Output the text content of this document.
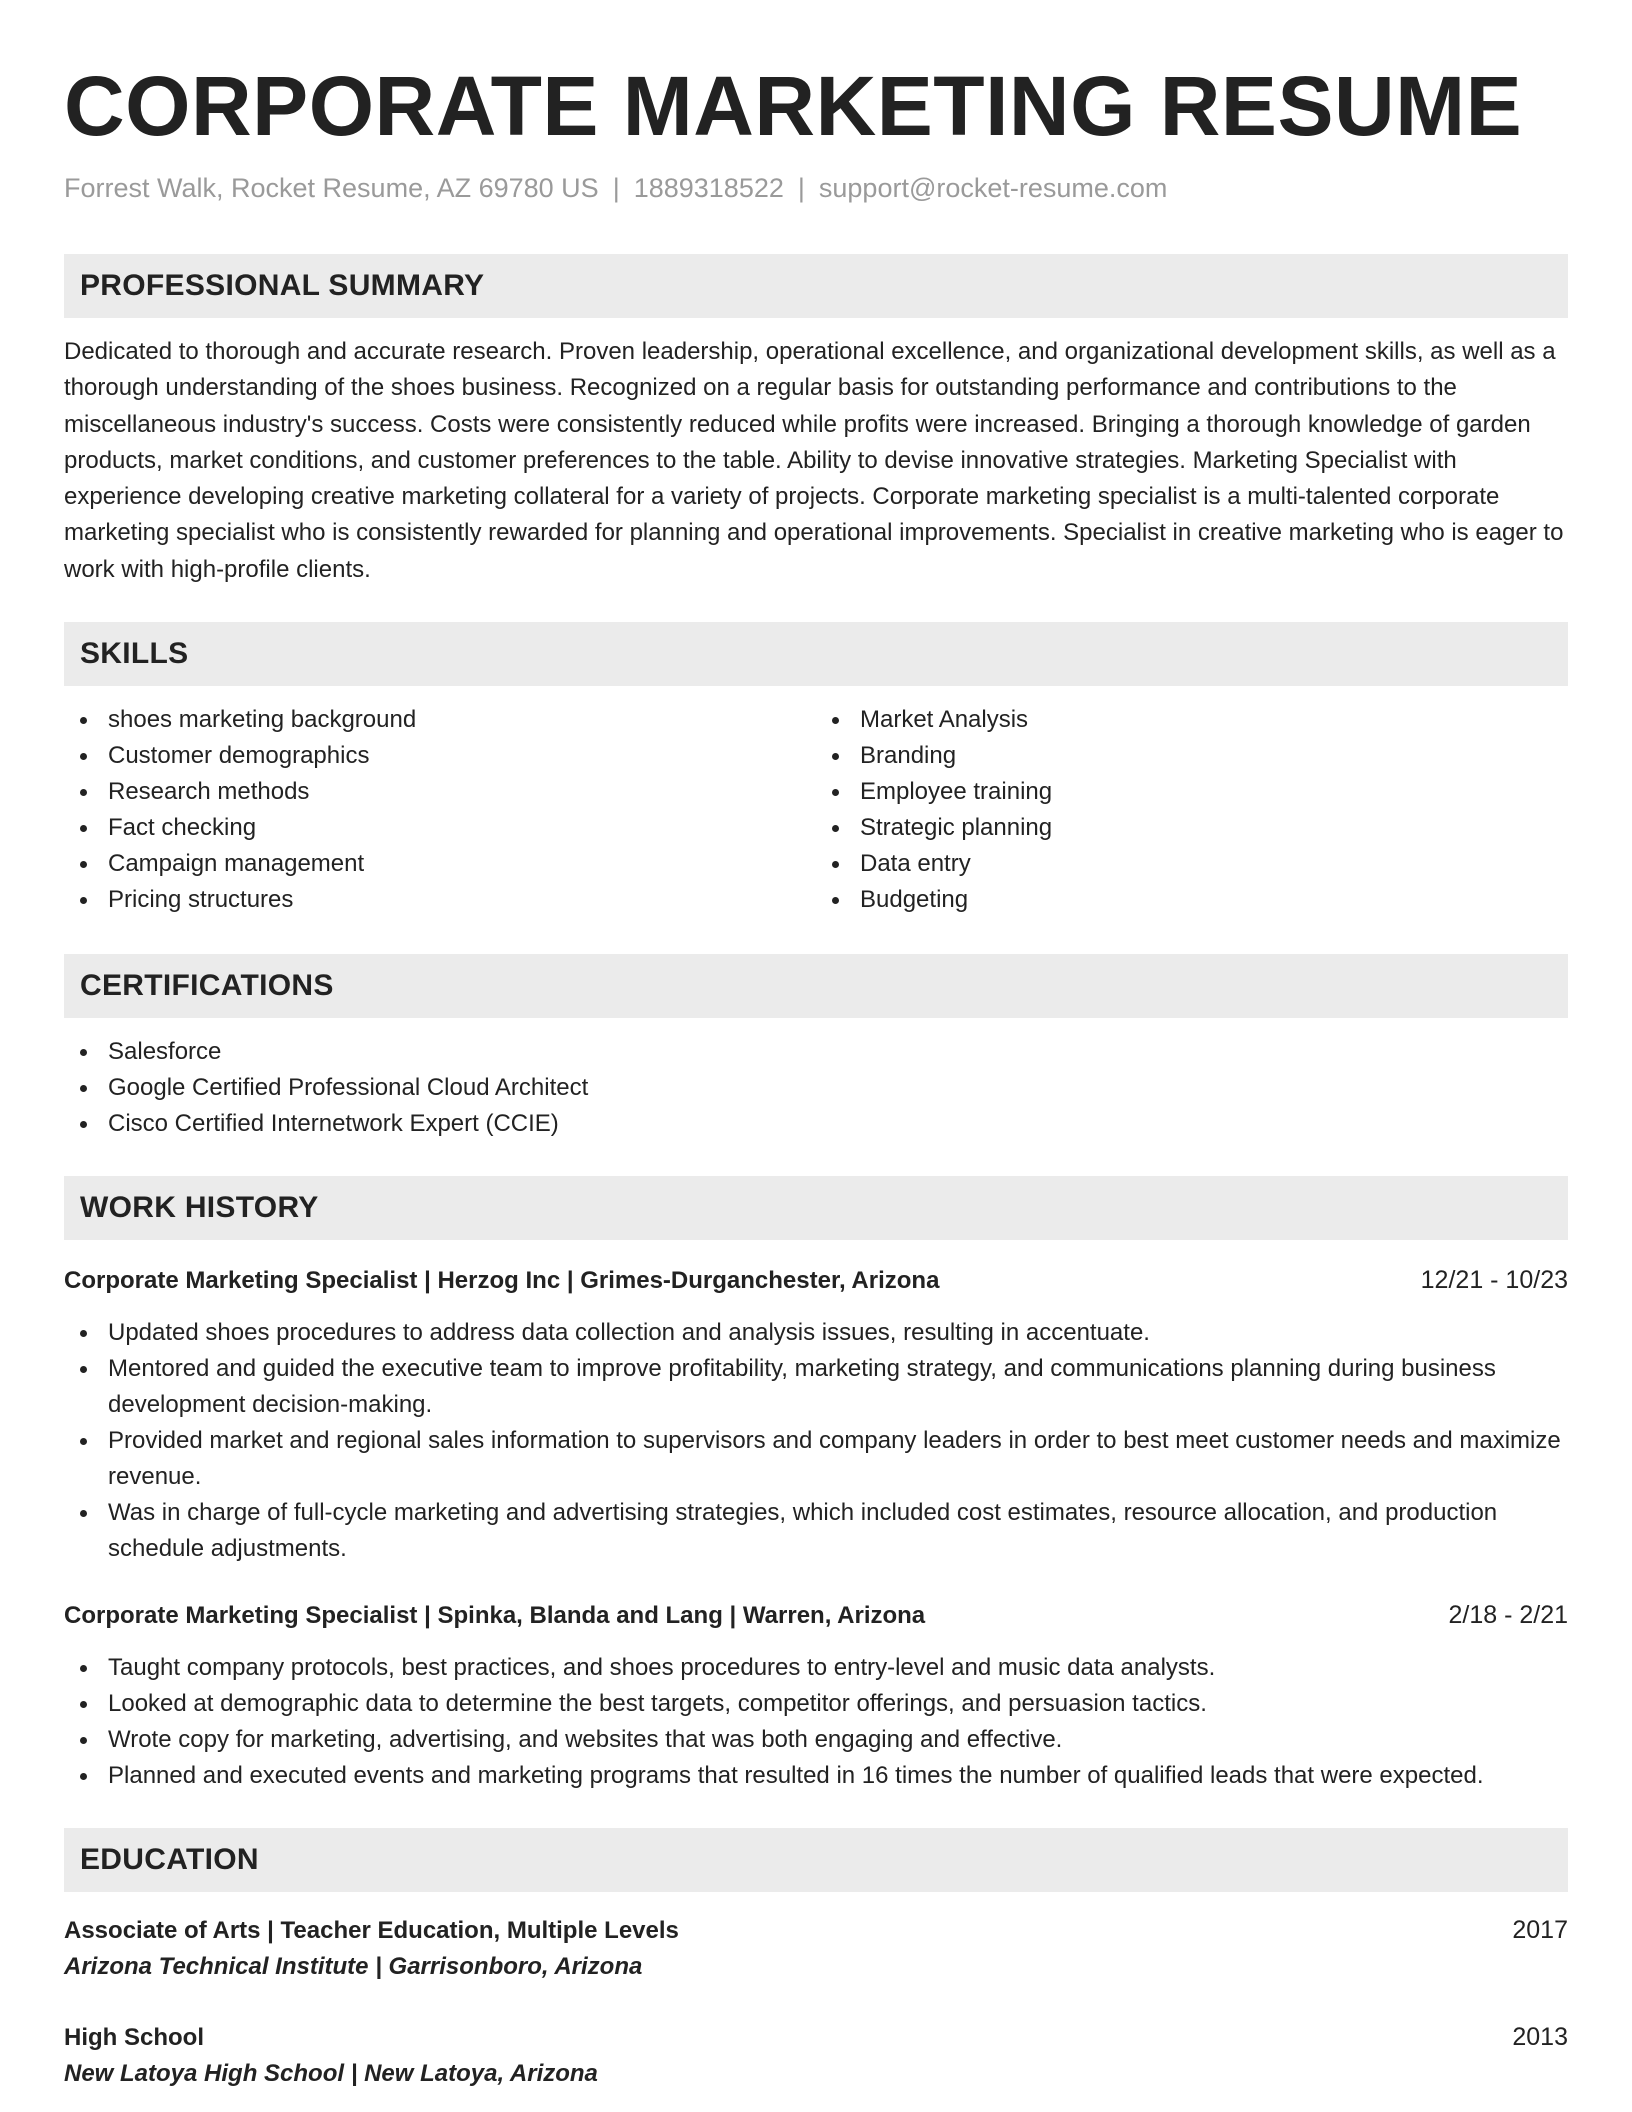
CORPORATE MARKETING RESUME
Forrest Walk, Rocket Resume, AZ 69780 US | 1889318522 | support@rocket-resume.com
PROFESSIONAL SUMMARY
Dedicated to thorough and accurate research. Proven leadership, operational excellence, and organizational development skills, as well as a thorough understanding of the shoes business. Recognized on a regular basis for outstanding performance and contributions to the miscellaneous industry's success. Costs were consistently reduced while profits were increased. Bringing a thorough knowledge of garden products, market conditions, and customer preferences to the table. Ability to devise innovative strategies. Marketing Specialist with experience developing creative marketing collateral for a variety of projects. Corporate marketing specialist is a multi-talented corporate marketing specialist who is consistently rewarded for planning and operational improvements. Specialist in creative marketing who is eager to work with high-profile clients.
SKILLS
shoes marketing background
Customer demographics
Research methods
Fact checking
Campaign management
Pricing structures
Market Analysis
Branding
Employee training
Strategic planning
Data entry
Budgeting
CERTIFICATIONS
Salesforce
Google Certified Professional Cloud Architect
Cisco Certified Internetwork Expert (CCIE)
WORK HISTORY
Corporate Marketing Specialist | Herzog Inc | Grimes-Durganchester, Arizona	12/21 - 10/23
Updated shoes procedures to address data collection and analysis issues, resulting in accentuate.
Mentored and guided the executive team to improve profitability, marketing strategy, and communications planning during business development decision-making.
Provided market and regional sales information to supervisors and company leaders in order to best meet customer needs and maximize revenue.
Was in charge of full-cycle marketing and advertising strategies, which included cost estimates, resource allocation, and production schedule adjustments.
Corporate Marketing Specialist | Spinka, Blanda and Lang | Warren, Arizona	2/18 - 2/21
Taught company protocols, best practices, and shoes procedures to entry-level and music data analysts.
Looked at demographic data to determine the best targets, competitor offerings, and persuasion tactics.
Wrote copy for marketing, advertising, and websites that was both engaging and effective.
Planned and executed events and marketing programs that resulted in 16 times the number of qualified leads that were expected.
EDUCATION
Associate of Arts | Teacher Education, Multiple Levels	2017
Arizona Technical Institute | Garrisonboro, Arizona
High School	2013
New Latoya High School | New Latoya, Arizona
